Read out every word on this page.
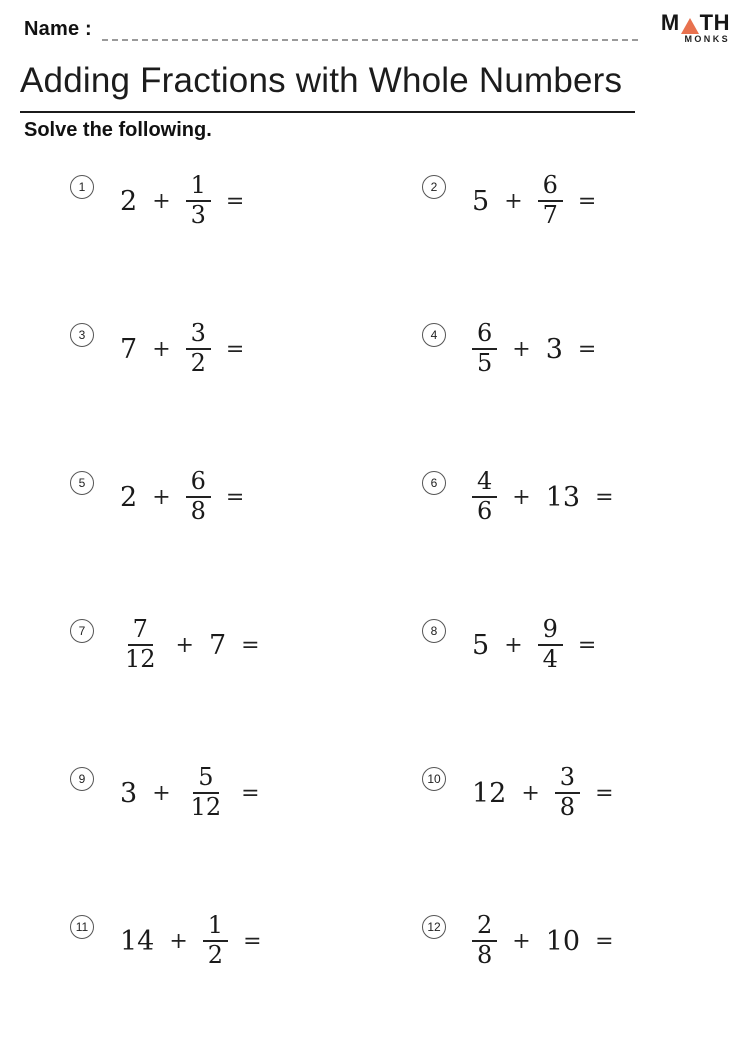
Name :	M TH
MONKS
Adding Fractions with Whole Numbers
Solve the following.
1	$2 + \frac{1}{3}$ =
2	$5 + \frac{6}{7}$ =
3	$7 + \frac{3}{2}$ =
4	$\frac{6}{5} + 3$ =
5	$2 + \frac{6}{8}$ =
6	$\frac{4}{6} + 13$ =
7	$\frac{7}{12} + 7$ =
8	$5 + \frac{9}{4}$ =
9	$3 + \frac{5}{12}$ =
10 $12 + \frac{3}{8}$ =
11 $14 + \frac{1}{2}$ =
$12 \frac{2}{8} + 10$ =
